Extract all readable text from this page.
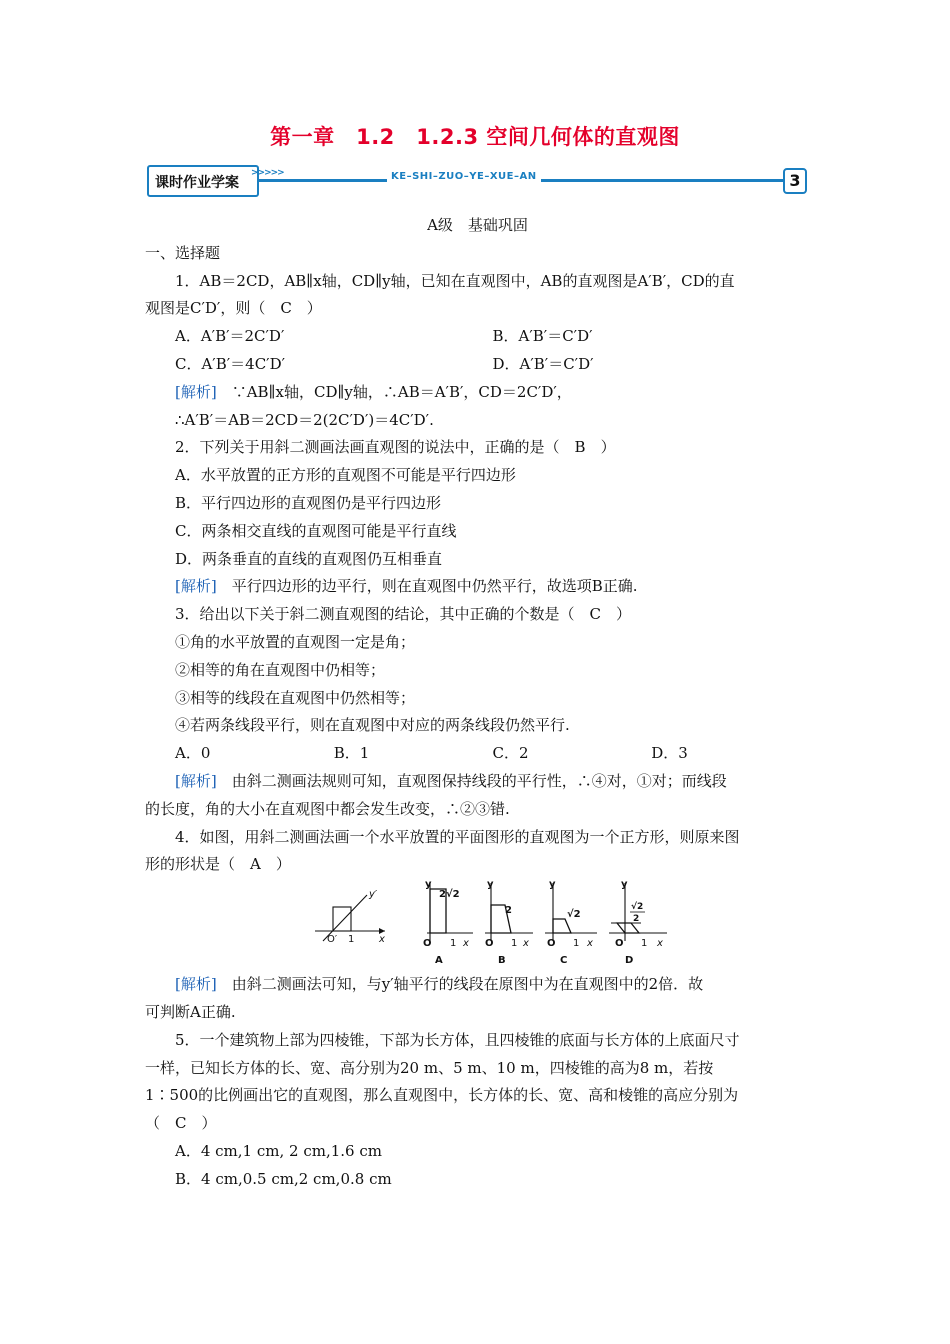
第一章　1.2　1.2.3 空间几何体的直观图
课时作业学案
>>>>>	KE–SHI–ZUO–YE–XUE–AN	3
A级　基础巩固
一、选择题
1．AB＝2CD，AB∥x轴，CD∥y轴，已知在直观图中，AB的直观图是A′B′，CD的直
观图是C′D′，则（　C　）
A．A′B′＝2C′D′	B．A′B′＝C′D′
C．A′B′＝4C′D′	D．A′B′＝C′D′
[解析]　∵AB∥x轴，CD∥y轴，∴AB＝A′B′，CD＝2C′D′，
∴A′B′＝AB＝2CD＝2(2C′D′)＝4C′D′.
2．下列关于用斜二测画法画直观图的说法中，正确的是（　B　）
A．水平放置的正方形的直观图不可能是平行四边形
B．平行四边形的直观图仍是平行四边形
C．两条相交直线的直观图可能是平行直线
D．两条垂直的直线的直观图仍互相垂直
[解析]　平行四边形的边平行，则在直观图中仍然平行，故选项B正确.
3．给出以下关于斜二测直观图的结论，其中正确的个数是（　C　）
①角的水平放置的直观图一定是角；
②相等的角在直观图中仍相等；
③相等的线段在直观图中仍然相等；
④若两条线段平行，则在直观图中对应的两条线段仍然平行.
A．0	B．1	C．2	D．3
[解析]　由斜二测画法规则可知，直观图保持线段的平行性，∴④对，①对；而线段
的长度，角的大小在直观图中都会发生改变，∴②③错.
4．如图，用斜二测画法画一个水平放置的平面图形的直观图为一个正方形，则原来图
形的形状是（　A　）
O′ 1 x
y′
y
2√2
O 1 x
A
y
2
O 1 x
B
y
√2
O 1 x
C
y
√2
2
O 1 x
D
[解析]　由斜二测画法可知，与y′轴平行的线段在原图中为在直观图中的2倍．故
可判断A正确.
5．一个建筑物上部为四棱锥，下部为长方体，且四棱锥的底面与长方体的上底面尺寸
一样，已知长方体的长、宽、高分别为20 m、5 m、10 m，四棱锥的高为8 m，若按
1∶500的比例画出它的直观图，那么直观图中，长方体的长、宽、高和棱锥的高应分别为
（　C　）
A．4 cm,1 cm, 2 cm,1.6 cm
B．4 cm,0.5 cm,2 cm,0.8 cm
